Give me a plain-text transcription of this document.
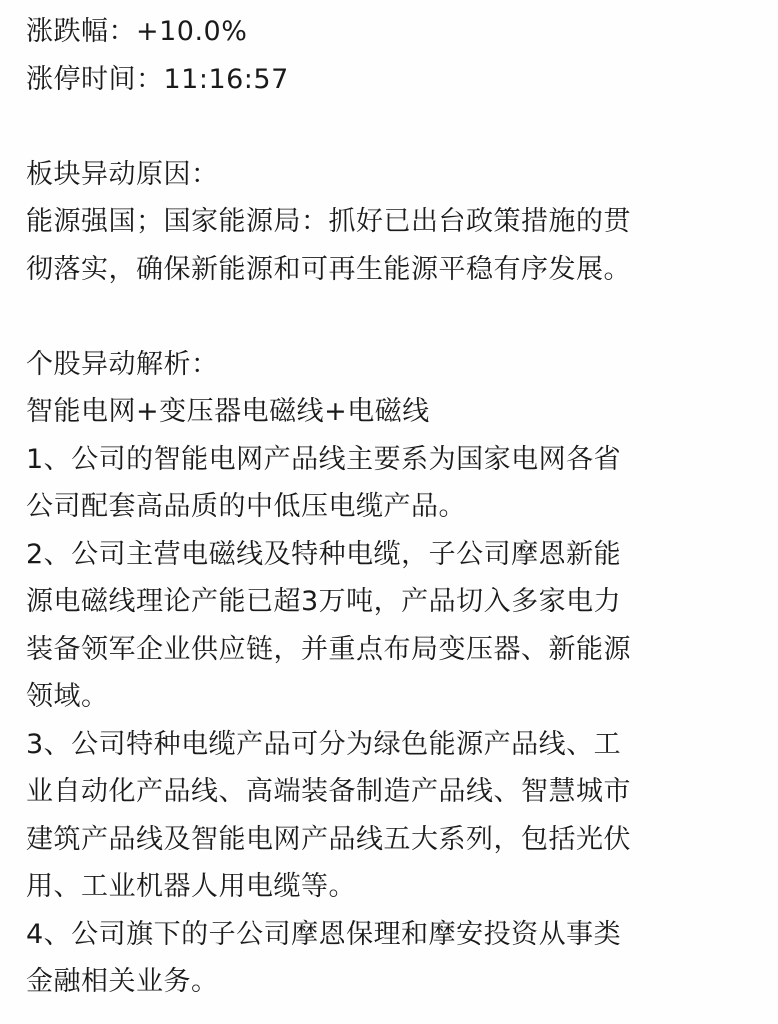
涨跌幅：+10.0%
涨停时间：11:16:57
板块异动原因：
能源强国；国家能源局：抓好已出台政策措施的贯
彻落实，确保新能源和可再生能源平稳有序发展。
个股异动解析：
智能电网+变压器电磁线+电磁线
1、公司的智能电网产品线主要系为国家电网各省
公司配套高品质的中低压电缆产品。
2、公司主营电磁线及特种电缆，子公司摩恩新能
源电磁线理论产能已超3万吨，产品切入多家电力
装备领军企业供应链，并重点布局变压器、新能源
领域。
3、公司特种电缆产品可分为绿色能源产品线、工
业自动化产品线、高端装备制造产品线、智慧城市
建筑产品线及智能电网产品线五大系列，包括光伏
用、工业机器人用电缆等。
4、公司旗下的子公司摩恩保理和摩安投资从事类
金融相关业务。
